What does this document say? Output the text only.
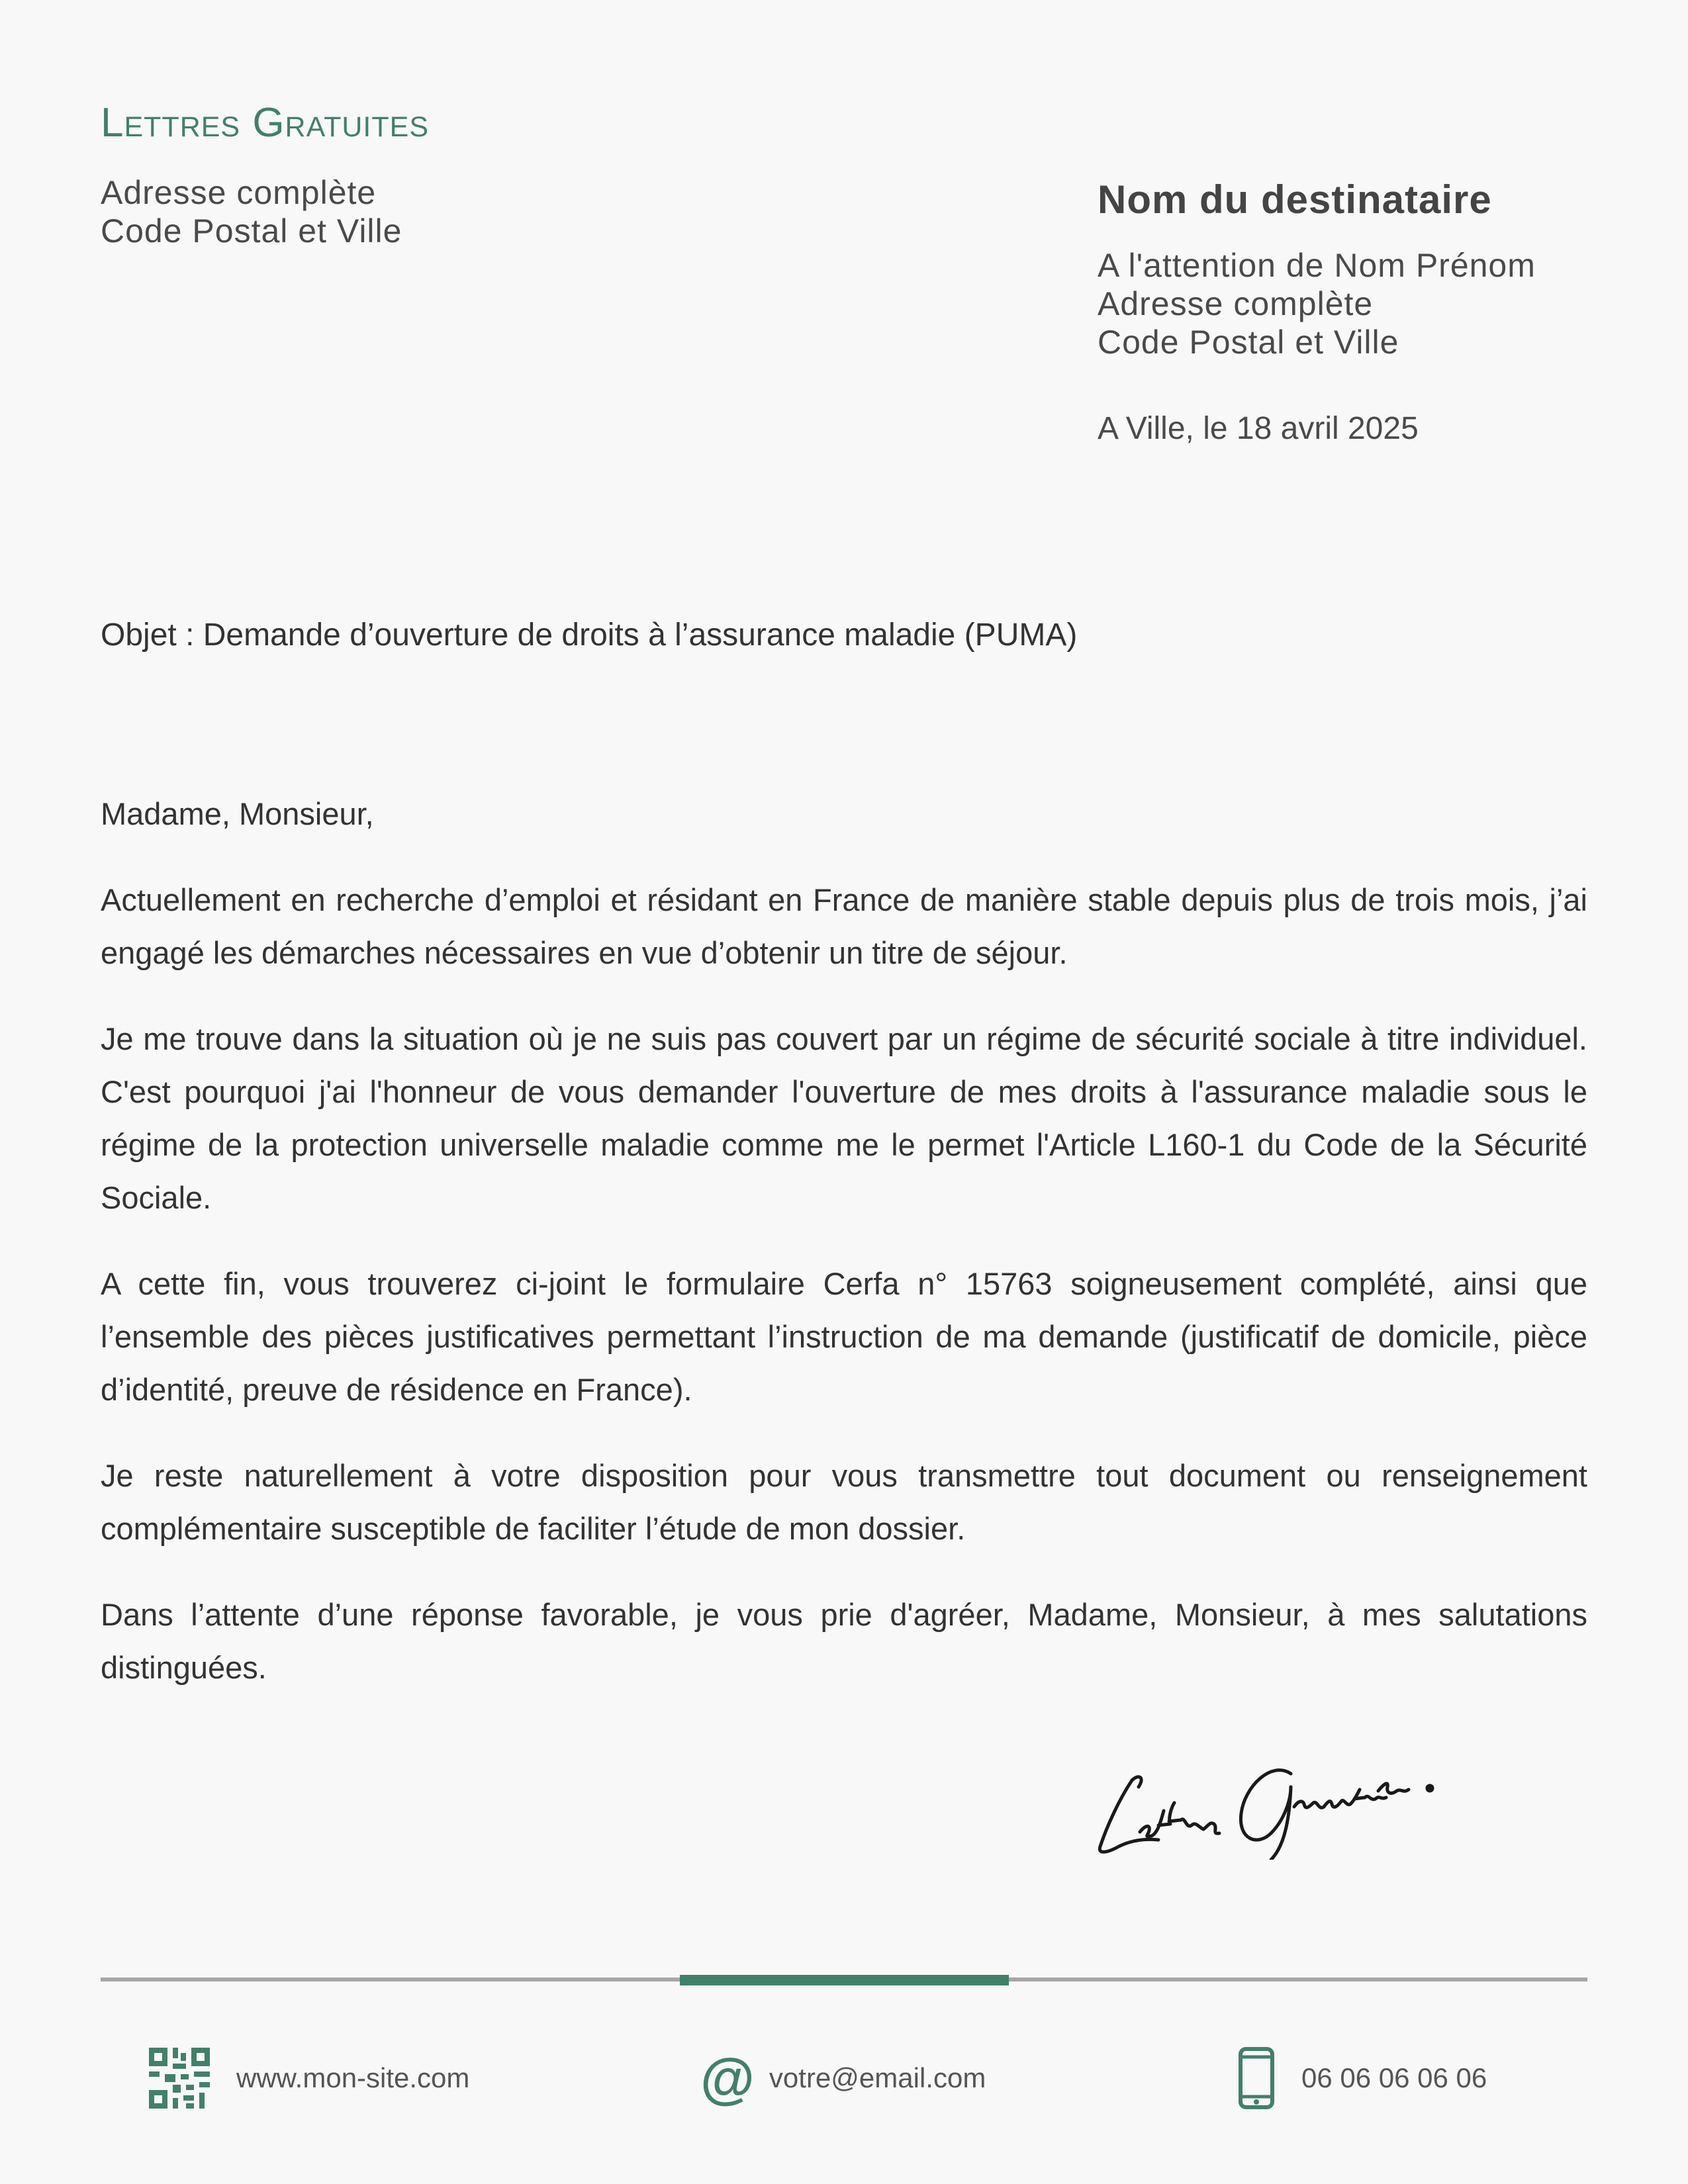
Lettres Gratuites
Adresse complète
Code Postal et Ville
Nom du destinataire
A l'attention de Nom Prénom
Adresse complète
Code Postal et Ville
A Ville, le 18 avril 2025
Objet : Demande d’ouverture de droits à l’assurance maladie (PUMA)

Madame, Monsieur,

Actuellement en recherche d’emploi et résidant en France de manière stable depuis plus de trois mois, j’ai engagé les démarches nécessaires en vue d’obtenir un titre de séjour.

Je me trouve dans la situation où je ne suis pas couvert par un régime de sécurité sociale à titre individuel. C'est pourquoi j'ai l'honneur de vous demander l'ouverture de mes droits à l'assurance maladie sous le régime de la protection universelle maladie comme me le permet l'Article L160-1 du Code de la Sécurité Sociale.

A cette fin, vous trouverez ci-joint le formulaire Cerfa n° 15763 soigneusement complété, ainsi que l’ensemble des pièces justificatives permettant l’instruction de ma demande (justificatif de domicile, pièce d’identité, preuve de résidence en France).

Je reste naturellement à votre disposition pour vous transmettre tout document ou renseignement complémentaire susceptible de faciliter l’étude de mon dossier.

Dans l’attente d’une réponse favorable, je vous prie d'agréer, Madame, Monsieur, à mes salutations distinguées.

www.mon-site.com	@ votre@email.com	06 06 06 06 06
